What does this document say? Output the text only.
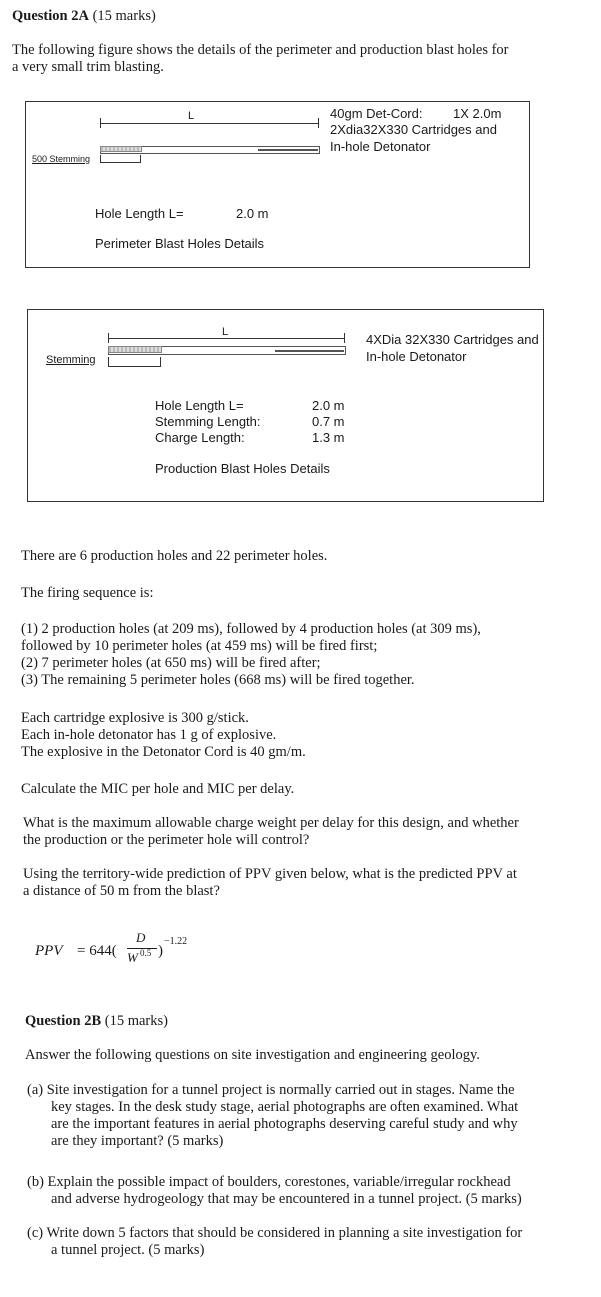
Question 2A (15 marks)
The following figure shows the details of the perimeter and production blast holes for
a very small trim blasting.
L
500 Stemming
40gm Det-Cord: 1X 2.0m
2Xdia32X330 Cartridges and
In-hole Detonator
Hole Length L=	2.0 m
Perimeter Blast Holes Details
L
Stemming
4XDia 32X330 Cartridges and
In-hole Detonator
Hole Length L=	2.0 m
Stemming Length:	0.7 m
Charge Length:	1.3 m
Production Blast Holes Details
There are 6 production holes and 22 perimeter holes.
The firing sequence is:
(1) 2 production holes (at 209 ms), followed by 4 production holes (at 309 ms),
followed by 10 perimeter holes (at 459 ms) will be fired first;
(2) 7 perimeter holes (at 650 ms) will be fired after;
(3) The remaining 5 perimeter holes (668 ms) will be fired together.
Each cartridge explosive is 300 g/stick.
Each in-hole detonator has 1 g of explosive.
The explosive in the Detonator Cord is 40 gm/m.
Calculate the MIC per hole and MIC per delay.
What is the maximum allowable charge weight per delay for this design, and whether
the production or the perimeter hole will control?
Using the territory-wide prediction of PPV given below, what is the predicted PPV at
a distance of 50 m from the blast?
PPV = 644(
D
W 0.5 )
−1.22
Question 2B (15 marks)
Answer the following questions on site investigation and engineering geology.
(a) Site investigation for a tunnel project is normally carried out in stages. Name the
key stages. In the desk study stage, aerial photographs are often examined. What
are the important features in aerial photographs deserving careful study and why
are they important? (5 marks)
(b) Explain the possible impact of boulders, corestones, variable/irregular rockhead
and adverse hydrogeology that may be encountered in a tunnel project. (5 marks)
(c) Write down 5 factors that should be considered in planning a site investigation for
a tunnel project. (5 marks)
